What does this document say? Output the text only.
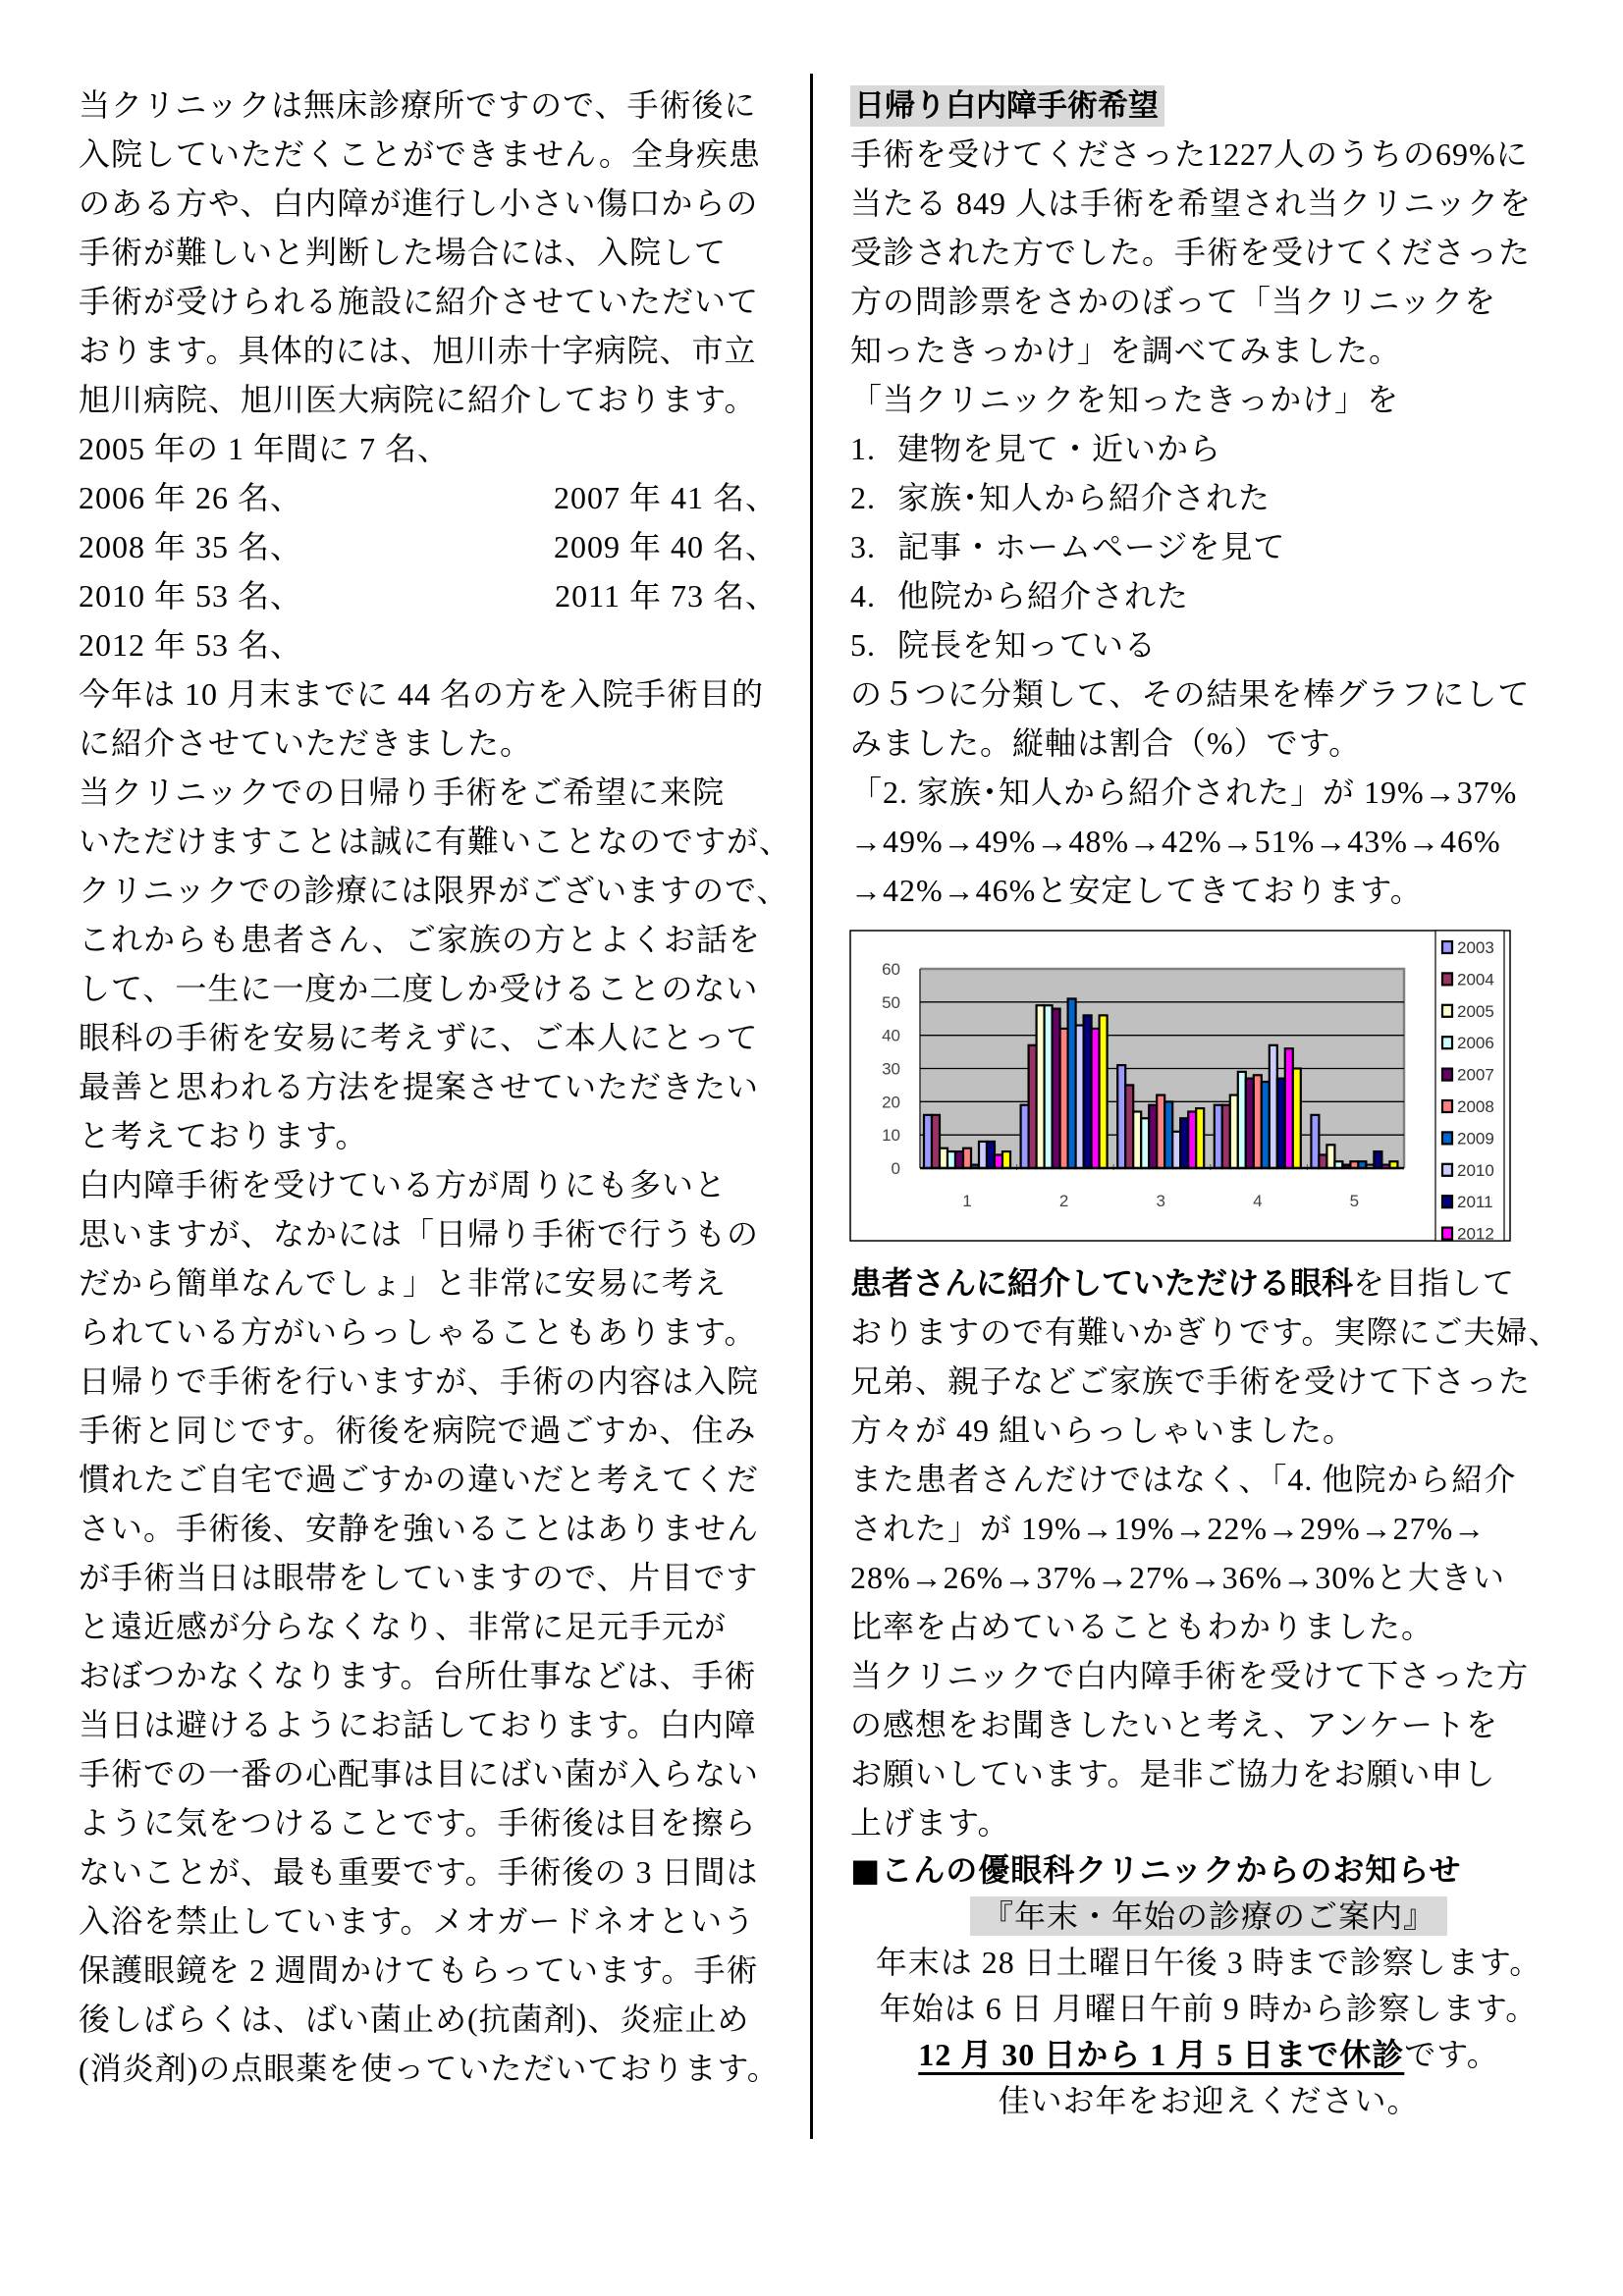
当クリニックは無床診療所ですので、手術後に
入院していただくことができません。全身疾患
のある方や、白内障が進行し小さい傷口からの
手術が難しいと判断した場合には、入院して
手術が受けられる施設に紹介させていただいて
おります。具体的には、旭川赤十字病院、市立
旭川病院、旭川医大病院に紹介しております。
2005 年の 1 年間に 7 名、
2006 年 26 名、	2007 年 41 名、
2008 年 35 名、	2009 年 40 名、
2010 年 53 名、	2011 年 73 名、
2012 年 53 名、
今年は 10 月末までに 44 名の方を入院手術目的
に紹介させていただきました。
当クリニックでの日帰り手術をご希望に来院
いただけますことは誠に有難いことなのですが、
クリニックでの診療には限界がございますので、
これからも患者さん、ご家族の方とよくお話を
して、一生に一度か二度しか受けることのない
眼科の手術を安易に考えずに、ご本人にとって
最善と思われる方法を提案させていただきたい
と考えております。
白内障手術を受けている方が周りにも多いと
思いますが、なかには「日帰り手術で行うもの
だから簡単なんでしょ」と非常に安易に考え
られている方がいらっしゃることもあります。
日帰りで手術を行いますが、手術の内容は入院
手術と同じです。術後を病院で過ごすか、住み
慣れたご自宅で過ごすかの違いだと考えてくだ
さい。手術後、安静を強いることはありません
が手術当日は眼帯をしていますので、片目です
と遠近感が分らなくなり、非常に足元手元が
おぼつかなくなります。台所仕事などは、手術
当日は避けるようにお話しております。白内障
手術での一番の心配事は目にばい菌が入らない
ように気をつけることです。手術後は目を擦ら
ないことが、最も重要です。手術後の 3 日間は
入浴を禁止しています。メオガードネオという
保護眼鏡を 2 週間かけてもらっています。手術
後しばらくは、ばい菌止め(抗菌剤)、炎症止め
(消炎剤)の点眼薬を使っていただいております。
日帰り白内障手術希望
手術を受けてくださった1227人のうちの69%に
当たる 849 人は手術を希望され当クリニックを
受診された方でした。手術を受けてくださった
方の問診票をさかのぼって「当クリニックを
知ったきっかけ」を調べてみました。
「当クリニックを知ったきっかけ」を
1. 建物を見て・近いから
2. 家族･知人から紹介された
3. 記事・ホームページを見て
4. 他院から紹介された
5. 院長を知っている
の５つに分類して、その結果を棒グラフにして
みました。縦軸は割合（%）です。
「2. 家族･知人から紹介された」が 19%→37%
→49%→49%→48%→42%→51%→43%→46%
→42%→46%と安定してきております。
0
10
20
30
40
50
60
1	2	3	4	5
2003
2004
2005
2006
2007
2008
2009
2010
2011
2012
患者さんに紹介していただける眼科を目指して
おりますので有難いかぎりです。実際にご夫婦、
兄弟、親子などご家族で手術を受けて下さった
方々が 49 組いらっしゃいました。
また患者さんだけではなく、「4. 他院から紹介
された」が 19%→19%→22%→29%→27%→
28%→26%→37%→27%→36%→30%と大きい
比率を占めていることもわかりました。
当クリニックで白内障手術を受けて下さった方
の感想をお聞きしたいと考え、アンケートを
お願いしています。是非ご協力をお願い申し
上げます。
■こんの優眼科クリニックからのお知らせ
『年末・年始の診療のご案内』
年末は 28 日土曜日午後 3 時まで診察します。
年始は 6 日 月曜日午前 9 時から診察します。
12 月 30 日から 1 月 5 日まで休診です。
佳いお年をお迎えください。
